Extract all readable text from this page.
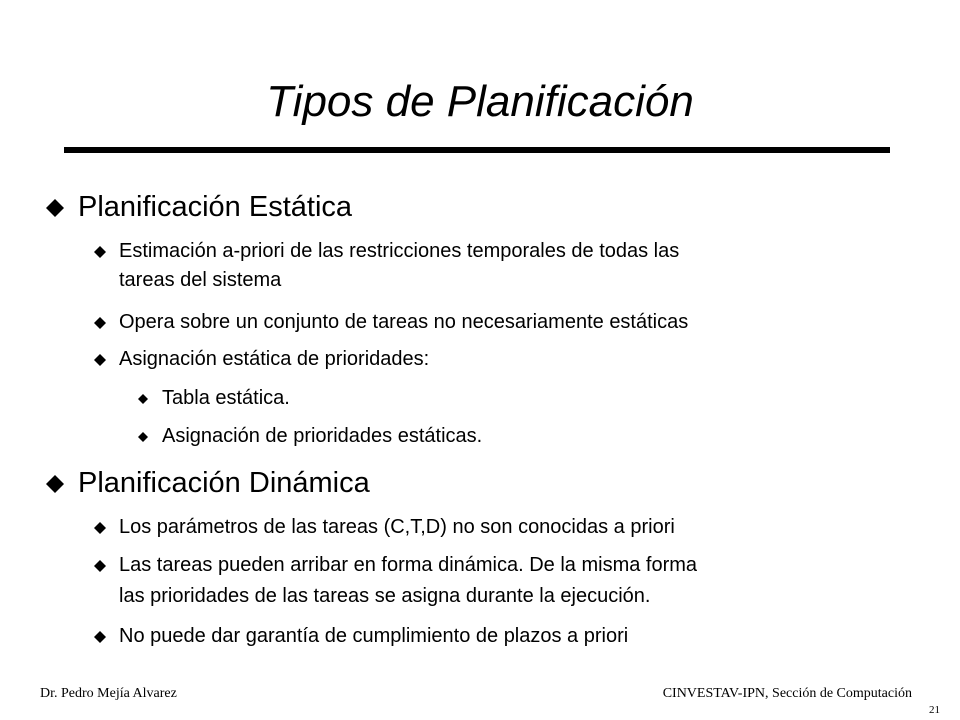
Tipos de Planificación
Planificación Estática
Estimación a-priori de las restricciones temporales de todas las
tareas del sistema
Opera sobre un conjunto de tareas no necesariamente estáticas
Asignación estática de prioridades:
Tabla estática.
Asignación de prioridades estáticas.
Planificación Dinámica
Los parámetros de las tareas (C,T,D) no son conocidas a priori
Las tareas pueden arribar en forma dinámica. De la misma forma
las prioridades de las tareas se asigna durante la ejecución.
No puede dar garantía de cumplimiento de plazos a priori
Dr. Pedro Mejía Alvarez	CINVESTAV-IPN, Sección de Computación
21
